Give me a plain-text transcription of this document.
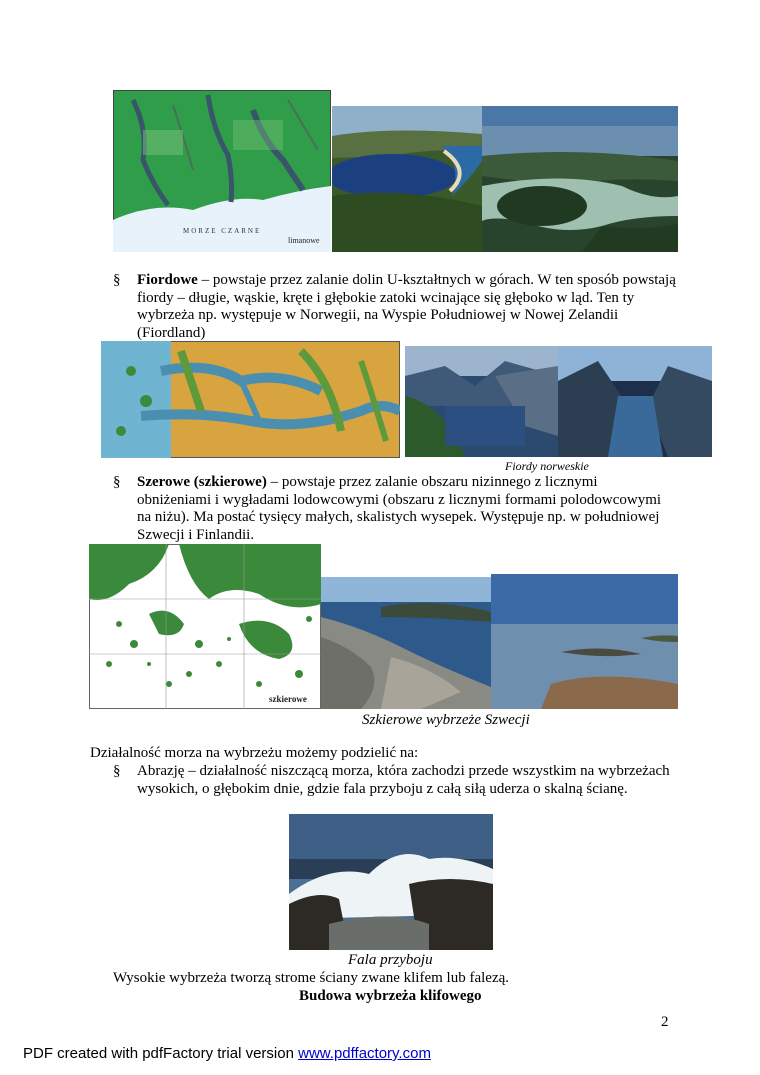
MORZE CZARNE
limanowe
§ Fiordowe – powstaje przez zalanie dolin U-kształtnych w górach. W ten sposób powstają fiordy – długie, wąskie, kręte i głębokie zatoki wcinające się głęboko w ląd. Ten ty wybrzeża np. występuje w Norwegii, na Wyspie Południowej w Nowej Zelandii (Fiordland)
Fiordy norweskie
§ Szerowe (szkierowe) – powstaje przez zalanie obszaru nizinnego z licznymi obniżeniami i wygładami lodowcowymi (obszaru z licznymi formami polodowcowymi na niżu). Ma postać tysięcy małych, skalistych wysepek. Występuje np. w południowej Szwecji i Finlandii.
szkierowe
Szkierowe wybrzeże Szwecji
Działalność morza na wybrzeżu możemy podzielić na:
§ Abrazję – działalność niszczącą morza, która zachodzi przede wszystkim na wybrzeżach wysokich, o głębokim dnie, gdzie fala przyboju z całą siłą uderza o skalną ścianę.
Fala przyboju
Wysokie wybrzeża tworzą strome ściany zwane klifem lub falezą.
Budowa wybrzeża klifowego
2
PDF created with pdfFactory trial version www.pdffactory.com
